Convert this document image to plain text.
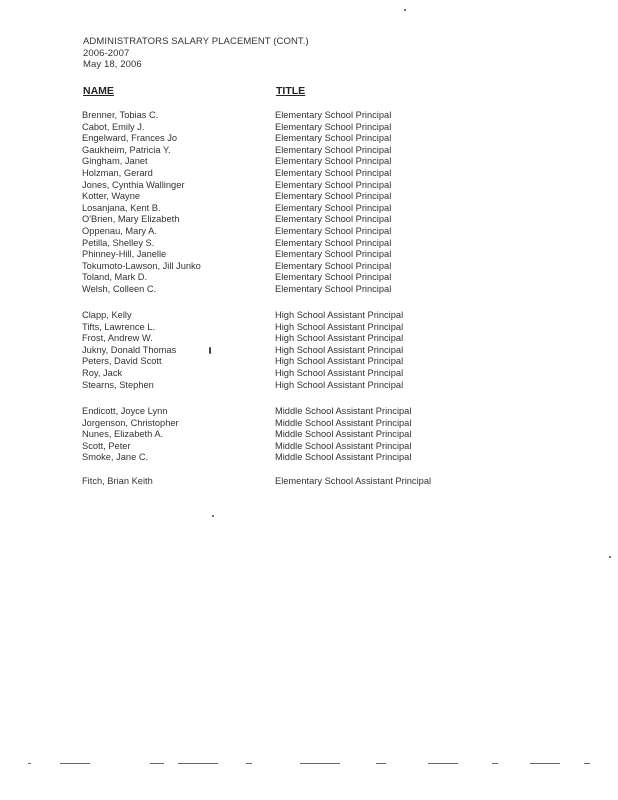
ADMINISTRATORS SALARY PLACEMENT (CONT.)
2006-2007
May 18, 2006
NAME	TITLE
Brenner, Tobias C.	Elementary School Principal
Cabot, Emily J.	Elementary School Principal
Engelward, Frances Jo	Elementary School Principal
Gaukheim, Patricia Y.	Elementary School Principal
Gingham, Janet	Elementary School Principal
Holzman, Gerard	Elementary School Principal
Jones, Cynthia Wallinger	Elementary School Principal
Kotter, Wayne	Elementary School Principal
Losanjana, Kent B.	Elementary School Principal
O'Brien, Mary Elizabeth	Elementary School Principal
Oppenau, Mary A.	Elementary School Principal
Petilla, Shelley S.	Elementary School Principal
Phinney-Hill, Janelle	Elementary School Principal
Tokumoto-Lawson, Jill Junko	Elementary School Principal
Toland, Mark D.	Elementary School Principal
Welsh, Colleen C.	Elementary School Principal
Clapp, Kelly	High School Assistant Principal
Tifts, Lawrence L.	High School Assistant Principal
Frost, Andrew W.	High School Assistant Principal
Jukny, Donald Thomas	High School Assistant Principal
Peters, David Scott	High School Assistant Principal
Roy, Jack	High School Assistant Principal
Stearns, Stephen	High School Assistant Principal
Endicott, Joyce Lynn	Middle School Assistant Principal
Jorgenson, Christopher	Middle School Assistant Principal
Nunes, Elizabeth A.	Middle School Assistant Principal
Scott, Peter	Middle School Assistant Principal
Smoke, Jane C.	Middle School Assistant Principal
Fitch, Brian Keith	Elementary School Assistant Principal
